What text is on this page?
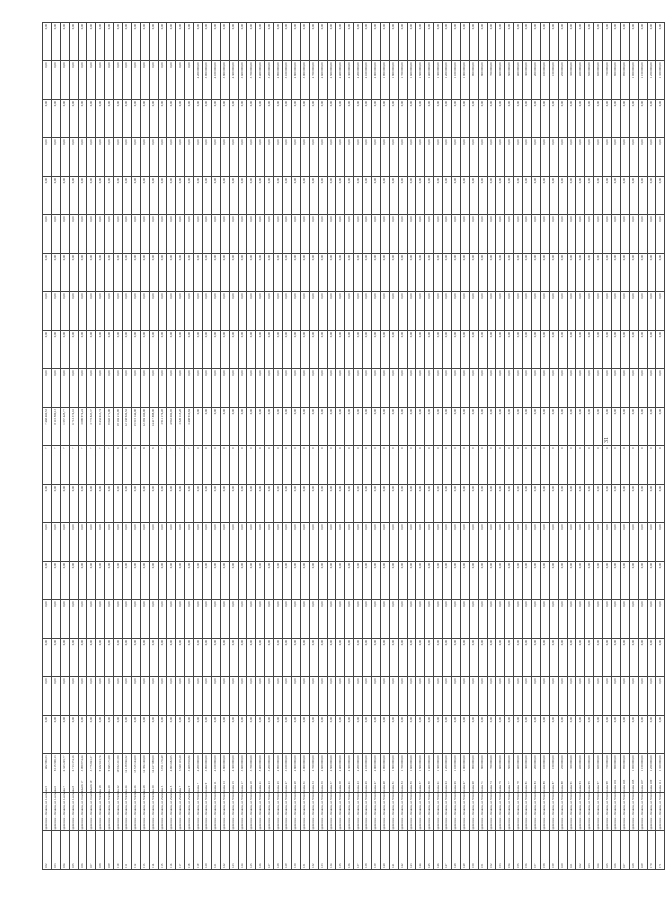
102	spoleczne – Kraków, ul. Lwowska 5	402 596,53	0,00	0,00	0,00	0,00	0,00	0,00	0,00	7	7 468 460,53	0,00	0,00	0,00	0,00	0,00	0,00	0,00	0,00	0,00	0,00
103	spoleczne – Kraków, ul. Lwowska 6	8 115 500,13	0,00	0,00	0,00	0,00	0,00	0,00	0,00	7	8 115 500,13	0,00	0,00	0,00	0,00	0,00	0,00	0,00	0,00	0,00	0,00
104	spoleczne – Kraków, ul. Lwowska 7	6 323 225,77	0,00	0,00	0,00	0,00	0,00	0,00	0,00	7	1 557 425,77	0,00	0,00	0,00	0,00	0,00	0,00	0,00	0,00	0,00	0,00
105	spoleczne – Kraków, ul. Lwowska 8	6 713 374,16	0,00	0,00	0,00	0,00	0,00	0,00	0,00	7	6 713 374,16	0,00	0,00	0,00	0,00	0,00	0,00	0,00	0,00	0,00	0,00
106	spoleczne – Kraków, ul. Ossolińskich 17	3 090 974,24	0,00	0,00	0,00	0,00	0,00	0,00	0,00	7	3 090 974,24	0,00	0,00	0,00	0,00	0,00	0,00	0,00	0,00	0,00	0,00
107	spoleczne – Kraków, ul. Ossolińskich 19	3 775 823,37	0,00	0,00	0,00	0,00	0,00	0,00	0,00	7	3 775 823,37	0,00	0,00	0,00	0,00	0,00	0,00	0,00	0,00	0,00	0,00
108	spoleczne – Kraków, ul. Wielicka 18	9 432 613,74	0,00	0,00	0,00	0,00	0,00	0,00	0,00	7	9 432 613,74	0,00	0,00	0,00	0,00	0,00	0,00	0,00	0,00	0,00	0,00
109	spoleczne – Kraków, ul. Wielicka 20	9 045 171,00	0,00	0,00	0,00	0,00	0,00	0,00	0,00	7	9 045 171,00	0,00	0,00	0,00	0,00	0,00	0,00	0,00	0,00	0,00	0,00
110	spoleczne – Kraków, ul. Wielicka 22	19 102 211,90	0,00	0,00	0,00	0,00	0,00	0,00	0,00	8	19 102 211,90	0,00	0,00	0,00	0,00	0,00	0,00	0,00	0,00	0,00	0,00
111	spoleczne – Kraków, ul. Wielicka 24	12 138 926,52	0,00	0,00	0,00	0,00	0,00	0,00	0,00	8	12 138 926,52	0,00	0,00	0,00	0,00	0,00	0,00	0,00	0,00	0,00	0,00
112	spoleczne – Kraków, ul. Wielicka 26	15 515 144,00	0,00	0,00	0,00	0,00	0,00	0,00	0,00	8	15 515 144,00	0,00	0,00	0,00	0,00	0,00	0,00	0,00	0,00	0,00	0,00
113	spoleczne – Kraków, ul. Wielicka 28	12 394 160,00	0,00	0,00	0,00	0,00	0,00	0,00	0,00	8	12 394 160,00	0,00	0,00	0,00	0,00	0,00	0,00	0,00	0,00	0,00	0,00
114	spoleczne – Kraków, ul. Wielicka 30	14 417 888,00	0,00	0,00	0,00	0,00	0,00	0,00	0,00	8	14 417 888,00	0,00	0,00	0,00	0,00	0,00	0,00	0,00	0,00	0,00	0,00
115	spoleczne – Kraków, ul. Zamojska 3	3 911 176,49	0,00	0,00	0,00	0,00	0,00	0,00	0,00	7	3 911 176,49	0,00	0,00	0,00	0,00	0,00	0,00	0,00	0,00	0,00	0,00
116	spoleczne – Kraków, ul. Zamojska 5	4 963 682,05	0,00	0,00	0,00	0,00	0,00	0,00	0,00	7	4 963 682,05	0,00	0,00	0,00	0,00	0,00	0,00	0,00	0,00	0,00	0,00
117	spoleczne – Kraków, ul. Zamojska 7	3 520 115,20	0,00	0,00	0,00	0,00	0,00	0,00	0,00	7	3 520 115,20	0,00	0,00	0,00	0,00	0,00	0,00	0,00	0,00	0,00	0,00
118	spoleczne – Kraków, ul. Zamojska 9	3 408 910,84	0,00	0,00	0,00	0,00	0,00	0,00	0,00	7	3 408 910,84	0,00	0,00	0,00	0,00	0,00	0,00	0,00	0,00	0,00	0,00
119	spoleczne – Kraków, ul. Wrocławska 7	4 200 000,00	0,00	0,00	0,00	0,00	0,00	0,00	0,00	0	0,00	0,00	0,00	0,00	0,00	0,00	0,00	0,00	0,00	4 200 000,00	0,00
120	spoleczne – Kraków, ul. Wrocławska 9	3 900 000,00	0,00	0,00	0,00	0,00	0,00	0,00	0,00	0	0,00	0,00	0,00	0,00	0,00	0,00	0,00	0,00	0,00	3 900 000,00	0,00
121	spoleczne – Kraków, ul. Wrocławska 11	4 100 000,00	0,00	0,00	0,00	0,00	0,00	0,00	0,00	0	0,00	0,00	0,00	0,00	0,00	0,00	0,00	0,00	0,00	4 100 000,00	0,00
122	spoleczne – Kraków, ul. Wrocławska 13	3 800 000,00	0,00	0,00	0,00	0,00	0,00	0,00	0,00	0	0,00	0,00	0,00	0,00	0,00	0,00	0,00	0,00	0,00	3 800 000,00	0,00
123	spoleczne – Kraków, ul. Wrocławska 15	4 300 000,00	0,00	0,00	0,00	0,00	0,00	0,00	0,00	0	0,00	0,00	0,00	0,00	0,00	0,00	0,00	0,00	0,00	4 300 000,00	0,00
124	spoleczne – Kraków, ul. Wrocławska 17	3 600 000,00	0,00	0,00	0,00	0,00	0,00	0,00	0,00	0	0,00	0,00	0,00	0,00	0,00	0,00	0,00	0,00	0,00	3 600 000,00	0,00
125	spoleczne – Kraków, ul. Wrocławska 19	3 700 000,00	0,00	0,00	0,00	0,00	0,00	0,00	0,00	0	0,00	0,00	0,00	0,00	0,00	0,00	0,00	0,00	0,00	3 700 000,00	0,00
126	spoleczne – Kraków, ul. Wrocławska 21	5 400 000,00	0,00	0,00	0,00	0,00	0,00	0,00	0,00	0	0,00	0,00	0,00	0,00	0,00	0,00	0,00	0,00	0,00	5 400 000,00	0,00
127	spoleczne – Kraków, ul. Wrocławska 23	3 200 000,00	0,00	0,00	0,00	0,00	0,00	0,00	0,00	0	0,00	0,00	0,00	0,00	0,00	0,00	0,00	0,00	0,00	3 200 000,00	0,00
128	spoleczne – Kraków, ul. Wrocławska 25	2 900 000,00	0,00	0,00	0,00	0,00	0,00	0,00	0,00	0	0,00	0,00	0,00	0,00	0,00	0,00	0,00	0,00	0,00	2 900 000,00	0,00
129	spoleczne – Kraków, ul. Wrocławska 27	3 100 000,00	0,00	0,00	0,00	0,00	0,00	0,00	0,00	0	0,00	0,00	0,00	0,00	0,00	0,00	0,00	0,00	0,00	3 100 000,00	0,00
130	spoleczne – Kraków, ul. Wrocławska 29	2 800 000,00	0,00	0,00	0,00	0,00	0,00	0,00	0,00	0	0,00	0,00	0,00	0,00	0,00	0,00	0,00	0,00	0,00	2 800 000,00	0,00
131	spoleczne – Kraków, ul. Wrocławska 31	3 000 000,00	0,00	0,00	0,00	0,00	0,00	0,00	0,00	0	0,00	0,00	0,00	0,00	0,00	0,00	0,00	0,00	0,00	3 000 000,00	0,00
132	spoleczne – Kraków, ul. Wrocławska 33	2 700 000,00	0,00	0,00	0,00	0,00	0,00	0,00	0,00	0	0,00	0,00	0,00	0,00	0,00	0,00	0,00	0,00	0,00	2 700 000,00	0,00
133	spoleczne – Kraków, ul. Wrocławska 35	2 600 000,00	0,00	0,00	0,00	0,00	0,00	0,00	0,00	0	0,00	0,00	0,00	0,00	0,00	0,00	0,00	0,00	0,00	2 600 000,00	0,00
134	spoleczne – Kraków, ul. Wrocławska 37	2 500 000,00	0,00	0,00	0,00	0,00	0,00	0,00	0,00	0	0,00	0,00	0,00	0,00	0,00	0,00	0,00	0,00	0,00	2 500 000,00	0,00
135	spoleczne – Kraków, ul. Wrocławska 39	2 400 000,00	0,00	0,00	0,00	0,00	0,00	0,00	0,00	0	0,00	0,00	0,00	0,00	0,00	0,00	0,00	0,00	0,00	2 400 000,00	0,00
136	spoleczne – Kraków, ul. Wrocławska 41	2 300 000,00	0,00	0,00	0,00	0,00	0,00	0,00	0,00	0	0,00	0,00	0,00	0,00	0,00	0,00	0,00	0,00	0,00	2 300 000,00	0,00
137	spoleczne – Kraków, ul. Wrocławska 43	2 200 000,00	0,00	0,00	0,00	0,00	0,00	0,00	0,00	0	0,00	0,00	0,00	0,00	0,00	0,00	0,00	0,00	0,00	2 200 000,00	0,00
138	spoleczne – Kraków, ul. Wrocławska 45	2 100 000,00	0,00	0,00	0,00	0,00	0,00	0,00	0,00	0	0,00	0,00	0,00	0,00	0,00	0,00	0,00	0,00	0,00	2 100 000,00	0,00
139	spoleczne – Kraków, ul. Wrocławska 47	2 000 000,00	0,00	0,00	0,00	0,00	0,00	0,00	0,00	0	0,00	0,00	0,00	0,00	0,00	0,00	0,00	0,00	0,00	2 000 000,00	0,00
140	spoleczne – Kraków, ul. Wrocławska 49	1 900 000,00	0,00	0,00	0,00	0,00	0,00	0,00	0,00	0	0,00	0,00	0,00	0,00	0,00	0,00	0,00	0,00	0,00	1 900 000,00	0,00
141	spoleczne – Kraków, ul. Wrocławska 51	1 800 000,00	0,00	0,00	0,00	0,00	0,00	0,00	0,00	0	0,00	0,00	0,00	0,00	0,00	0,00	0,00	0,00	0,00	1 800 000,00	0,00
142	spoleczne – Kraków, ul. Wrocławska 53	1 700 000,00	0,00	0,00	0,00	0,00	0,00	0,00	0,00	0	0,00	0,00	0,00	0,00	0,00	0,00	0,00	0,00	0,00	1 700 000,00	0,00
143	spoleczne – Kraków, ul. Wrocławska 55	1 600 000,00	0,00	0,00	0,00	0,00	0,00	0,00	0,00	0	0,00	0,00	0,00	0,00	0,00	0,00	0,00	0,00	0,00	1 600 000,00	0,00
144	spoleczne – Kraków, ul. Wrocławska 57	1 500 000,00	0,00	0,00	0,00	0,00	0,00	0,00	0,00	0	0,00	0,00	0,00	0,00	0,00	0,00	0,00	0,00	0,00	1 500 000,00	0,00
145	spoleczne – Kraków, ul. Wrocławska 59	1 400 000,00	0,00	0,00	0,00	0,00	0,00	0,00	0,00	0	0,00	0,00	0,00	0,00	0,00	0,00	0,00	0,00	0,00	1 400 000,00	0,00
146	spoleczne – Kraków, ul. Wrocławska 61	1 300 000,00	0,00	0,00	0,00	0,00	0,00	0,00	0,00	0	0,00	0,00	0,00	0,00	0,00	0,00	0,00	0,00	0,00	1 300 000,00	0,00
147	spoleczne – Kraków, ul. Wrocławska 63	1 200 000,00	0,00	0,00	0,00	0,00	0,00	0,00	0,00	0	0,00	0,00	0,00	0,00	0,00	0,00	0,00	0,00	0,00	1 200 000,00	0,00
148	spoleczne – Kraków, ul. Wrocławska 65	1 100 000,00	0,00	0,00	0,00	0,00	0,00	0,00	0,00	0	0,00	0,00	0,00	0,00	0,00	0,00	0,00	0,00	0,00	1 100 000,00	0,00
149	spoleczne – Kraków, ul. Wrocławska 67	1 000 000,00	0,00	0,00	0,00	0,00	0,00	0,00	0,00	0	0,00	0,00	0,00	0,00	0,00	0,00	0,00	0,00	0,00	1 000 000,00	0,00
150	spoleczne – Kraków, ul. Wrocławska 69	900 000,00	0,00	0,00	0,00	0,00	0,00	0,00	0,00	0	0,00	0,00	0,00	0,00	0,00	0,00	0,00	0,00	0,00	900 000,00	0,00
151	spoleczne – Kraków, ul. Wrocławska 71	800 000,00	0,00	0,00	0,00	0,00	0,00	0,00	0,00	0	0,00	0,00	0,00	0,00	0,00	0,00	0,00	0,00	0,00	800 000,00	0,00
152	spoleczne – Kraków, ul. Wrocławska 73	700 000,00	0,00	0,00	0,00	0,00	0,00	0,00	0,00	0	0,00	0,00	0,00	0,00	0,00	0,00	0,00	0,00	0,00	700 000,00	0,00
153	spoleczne – Kraków, ul. Wrocławska 75	600 000,00	0,00	0,00	0,00	0,00	0,00	0,00	0,00	0	0,00	0,00	0,00	0,00	0,00	0,00	0,00	0,00	0,00	600 000,00	0,00
154	spoleczne – Kraków, ul. Wrocławska 77	500 000,00	0,00	0,00	0,00	0,00	0,00	0,00	0,00	0	0,00	0,00	0,00	0,00	0,00	0,00	0,00	0,00	0,00	500 000,00	0,00
155	spoleczne – Kraków, ul. Wrocławska 79	400 000,00	0,00	0,00	0,00	0,00	0,00	0,00	0,00	0	0,00	0,00	0,00	0,00	0,00	0,00	0,00	0,00	0,00	400 000,00	0,00
156	spoleczne – Kraków, ul. Wrocławska 81	300 000,00	0,00	0,00	0,00	0,00	0,00	0,00	0,00	0	0,00	0,00	0,00	0,00	0,00	0,00	0,00	0,00	0,00	300 000,00	0,00
157	spoleczne – Kraków, ul. Wrocławska 83	200 000,00	0,00	0,00	0,00	0,00	0,00	0,00	0,00	0	0,00	0,00	0,00	0,00	0,00	0,00	0,00	0,00	0,00	200 000,00	0,00
158	spoleczne – Kraków, ul. Wrocławska 85	100 000,00	0,00	0,00	0,00	0,00	0,00	0,00	0,00	0	0,00	0,00	0,00	0,00	0,00	0,00	0,00	0,00	0,00	100 000,00	0,00
159	spoleczne – Kraków, ul. Wrocławska 87	150 000,00	0,00	0,00	0,00	0,00	0,00	0,00	0,00	0	0,00	0,00	0,00	0,00	0,00	0,00	0,00	0,00	0,00	150 000,00	0,00
160	spoleczne – Kraków, ul. Wrocławska 89	250 000,00	0,00	0,00	0,00	0,00	0,00	0,00	0,00	0	0,00	0,00	0,00	0,00	0,00	0,00	0,00	0,00	0,00	250 000,00	0,00
161	spoleczne – Kraków, ul. Wrocławska 91	350 000,00	0,00	0,00	0,00	0,00	0,00	0,00	0,00	0	0,00	0,00	0,00	0,00	0,00	0,00	0,00	0,00	0,00	350 000,00	0,00
162	spoleczne – Kraków, ul. Wrocławska 93	450 000,00	0,00	0,00	0,00	0,00	0,00	0,00	0,00	0	0,00	0,00	0,00	0,00	0,00	0,00	0,00	0,00	0,00	450 000,00	0,00
163	spoleczne – Kraków, ul. Wrocławska 95	550 000,00	0,00	0,00	0,00	0,00	0,00	0,00	0,00	0	0,00	0,00	0,00	0,00	0,00	0,00	0,00	0,00	0,00	550 000,00	0,00
164	spoleczne – Kraków, ul. Wrocławska 97	650 000,00	0,00	0,00	0,00	0,00	0,00	0,00	0,00	0	0,00	0,00	0,00	0,00	0,00	0,00	0,00	0,00	0,00	650 000,00	0,00
165	spoleczne – Kraków, ul. Wrocławska 99	750 000,00	0,00	0,00	0,00	0,00	0,00	0,00	0,00	0	0,00	0,00	0,00	0,00	0,00	0,00	0,00	0,00	0,00	750 000,00	0,00
166	spoleczne – Kraków, ul. Wrocławska 101	850 000,00	0,00	0,00	0,00	0,00	0,00	0,00	0,00	0	0,00	0,00	0,00	0,00	0,00	0,00	0,00	0,00	0,00	850 000,00	0,00
167	spoleczne – Kraków, ul. Wrocławska 103	950 000,00	0,00	0,00	0,00	0,00	0,00	0,00	0,00	0	0,00	0,00	0,00	0,00	0,00	0,00	0,00	0,00	0,00	950 000,00	0,00
168	spoleczne – Kraków, ul. Wrocławska 105	1 050 000,00	0,00	0,00	0,00	0,00	0,00	0,00	0,00	0	0,00	0,00	0,00	0,00	0,00	0,00	0,00	0,00	0,00	1 050 000,00	0,00
169	spoleczne – Kraków, ul. Wrocławska 107	1 150 000,00	0,00	0,00	0,00	0,00	0,00	0,00	0,00	0	0,00	0,00	0,00	0,00	0,00	0,00	0,00	0,00	0,00	1 150 000,00	0,00
170	spoleczne – Kraków, ul. Wrocławska 109	1 250 000,00	0,00	0,00	0,00	0,00	0,00	0,00	0,00	0	0,00	0,00	0,00	0,00	0,00	0,00	0,00	0,00	0,00	1 250 000,00	0,00
171	spoleczne – Kraków, ul. Wrocławska 111	1 350 000,00	0,00	0,00	0,00	0,00	0,00	0,00	0,00	0	0,00	0,00	0,00	0,00	0,00	0,00	0,00	0,00	0,00	1 350 000,00	0,00
31
